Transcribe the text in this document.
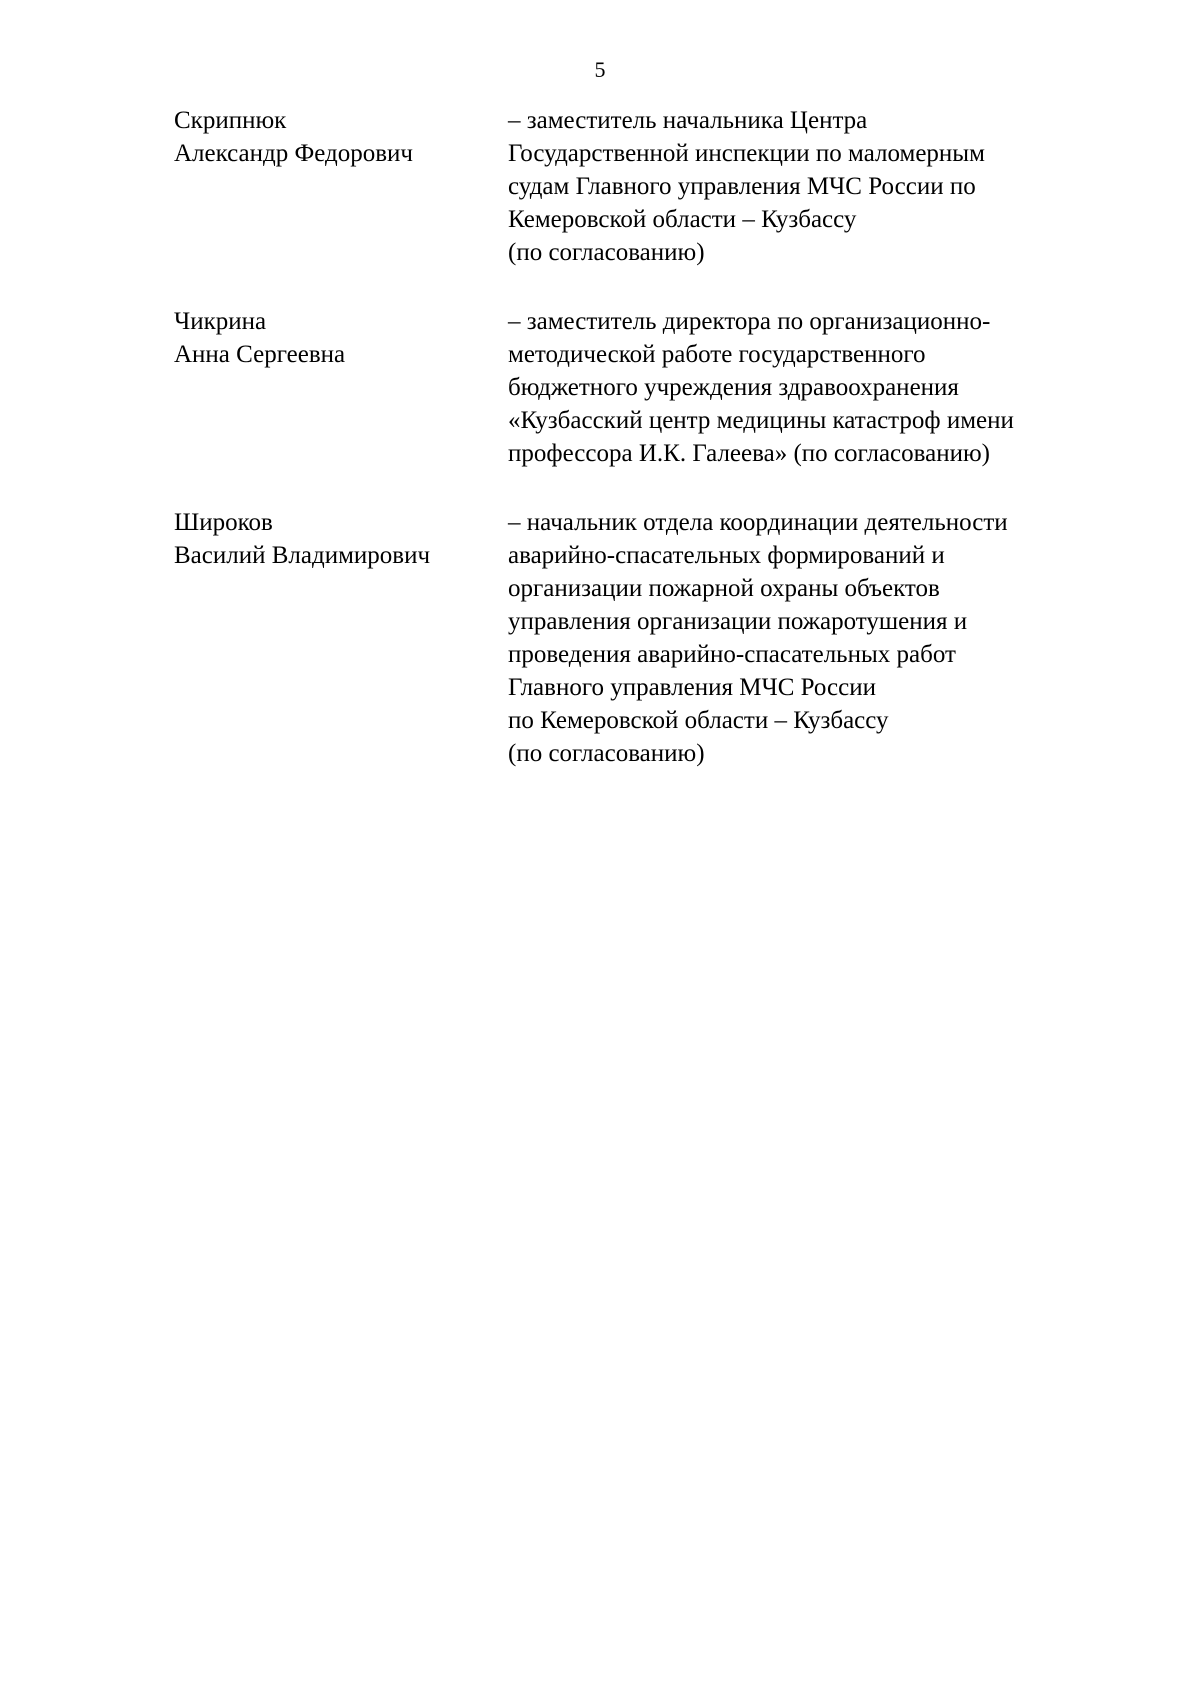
5
Скрипнюк
Александр Федорович
– заместитель начальника Центра
Государственной инспекции по маломерным
судам Главного управления МЧС России по
Кемеровской области – Кузбассу
(по согласованию)
Чикрина
Анна Сергеевна
– заместитель директора по организационно-
методической работе государственного
бюджетного учреждения здравоохранения
«Кузбасский центр медицины катастроф имени
профессора И.К. Галеева» (по согласованию)
Широков
Василий Владимирович
– начальник отдела координации деятельности
аварийно-спасательных формирований и
организации пожарной охраны объектов
управления организации пожаротушения и
проведения аварийно-спасательных работ
Главного управления МЧС России
по Кемеровской области – Кузбассу
(по согласованию)
